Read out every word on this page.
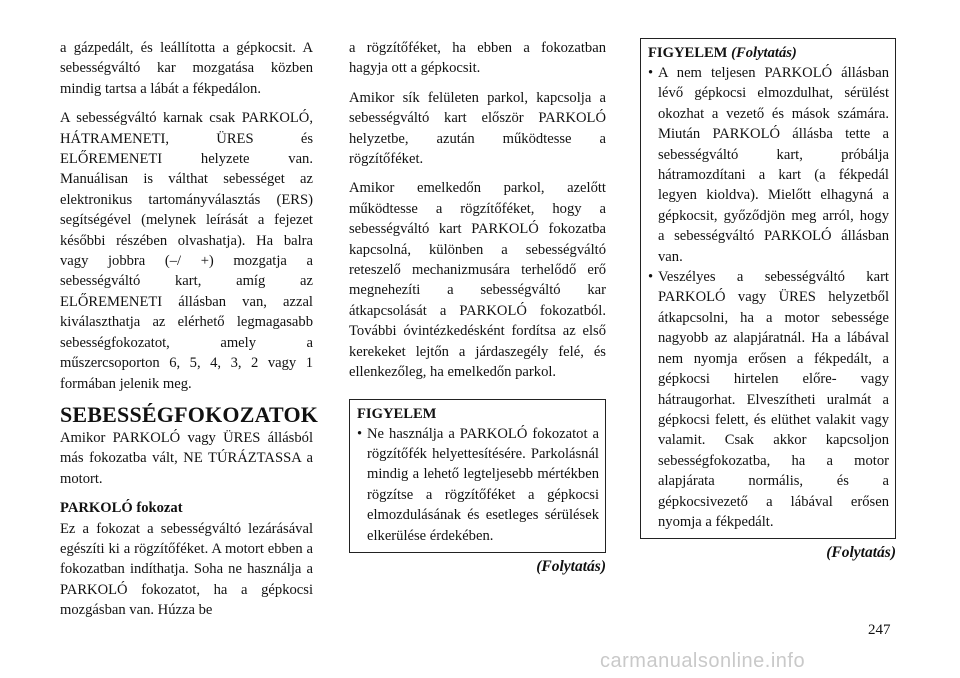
a gázpedált, és leállította a gépkocsit. A sebességváltó kar mozgatása közben mindig tartsa a lábát a fékpedálon.

A sebességváltó karnak csak PARKOLÓ, HÁTRAMENETI, ÜRES és ELŐREMENETI helyzete van. Manuálisan is válthat sebességet az elektronikus tartományválasztás (ERS) segítségével (melynek leírását a fejezet későbbi részében olvashatja). Ha balra vagy jobbra (–/ +) mozgatja a sebességváltó kart, amíg az ELŐREMENETI állásban van, azzal kiválaszthatja az elérhető legmagasabb sebességfokozatot, amely a műszercsoporton 6, 5, 4, 3, 2 vagy 1 formában jelenik meg.

SEBESSÉGFOKOZATOK

Amikor PARKOLÓ vagy ÜRES állásból más fokozatba vált, NE TÚRÁZTASSA a motort.

PARKOLÓ fokozat

Ez a fokozat a sebességváltó lezárásával egészíti ki a rögzítőféket. A motort ebben a fokozatban indíthatja. Soha ne használja a PARKOLÓ fokozatot, ha a gépkocsi mozgásban van. Húzza be

a rögzítőféket, ha ebben a fokozatban hagyja ott a gépkocsit.

Amikor sík felületen parkol, kapcsolja a sebességváltó kart először PARKOLÓ helyzetbe, azután működtesse a rögzítőféket.

Amikor emelkedőn parkol, azelőtt működtesse a rögzítőféket, hogy a sebességváltó kart PARKOLÓ fokozatba kapcsolná, különben a sebességváltó reteszelő mechanizmusára terhelődő erő megnehezíti a sebességváltó kar átkapcsolását a PARKOLÓ fokozatból. További óvintézkedésként fordítsa az első kerekeket lejtőn a járdaszegély felé, és ellenkezőleg, ha emelkedőn parkol.

FIGYELEM
• Ne használja a PARKOLÓ fokozatot a rögzítőfék helyettesítésére. Parkolásnál mindig a lehető legteljesebb mértékben rögzítse a rögzítőféket a gépkocsi elmozdulásának és esetleges sérülések elkerülése érdekében.
(Folytatás)
FIGYELEM (Folytatás)
• A nem teljesen PARKOLÓ állásban lévő gépkocsi elmozdulhat, sérülést okozhat a vezető és mások számára. Miután PARKOLÓ állásba tette a sebességváltó kart, próbálja hátramozdítani a kart (a fékpedál legyen kioldva). Mielőtt elhagyná a gépkocsit, győződjön meg arról, hogy a sebességváltó PARKOLÓ állásban van.
• Veszélyes a sebességváltó kart PARKOLÓ vagy ÜRES helyzetből átkapcsolni, ha a motor sebessége nagyobb az alapjáratnál. Ha a lábával nem nyomja erősen a fékpedált, a gépkocsi hirtelen előre- vagy hátraugorhat. Elveszítheti uralmát a gépkocsi felett, és elüthet valakit vagy valamit. Csak akkor kapcsoljon sebességfokozatba, ha a motor alapjárata normális, és a gépkocsivezető a lábával erősen nyomja a fékpedált.
(Folytatás)
247
carmanualsonline.info
